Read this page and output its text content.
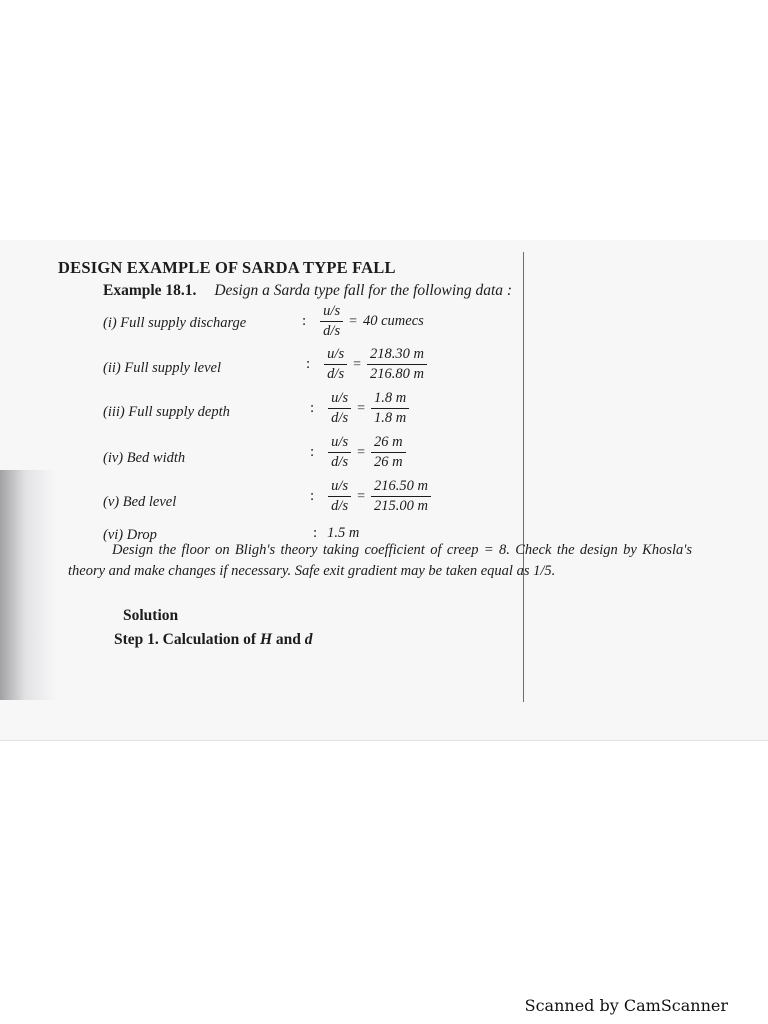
DESIGN EXAMPLE OF SARDA TYPE FALL
Example 18.1. Design a Sarda type fall for the following data :
(i) Full supply discharge	: $\frac{u/s}{d/s} = 40$ cumecs
(ii) Full supply level	: $\frac{u/s}{d/s} = \frac{218.30 m}{216.80 m}$
(iii) Full supply depth	: $\frac{u/s}{d/s} = \frac{1.8 m}{1.8 m}$
(iv) Bed width	: $\frac{u/s}{d/s} = \frac{26 m}{26 m}$
(v) Bed level	: $\frac{u/s}{d/s} = \frac{216.50 m}{215.00 m}$
(vi) Drop	: 1.5 m
Design the floor on Bligh's theory taking coefficient of creep = 8. Check the design by Khosla's theory and make changes if necessary. Safe exit gradient may be taken equal as 1/5.
Solution
Step 1. Calculation of H and d
Scanned by CamScanner
